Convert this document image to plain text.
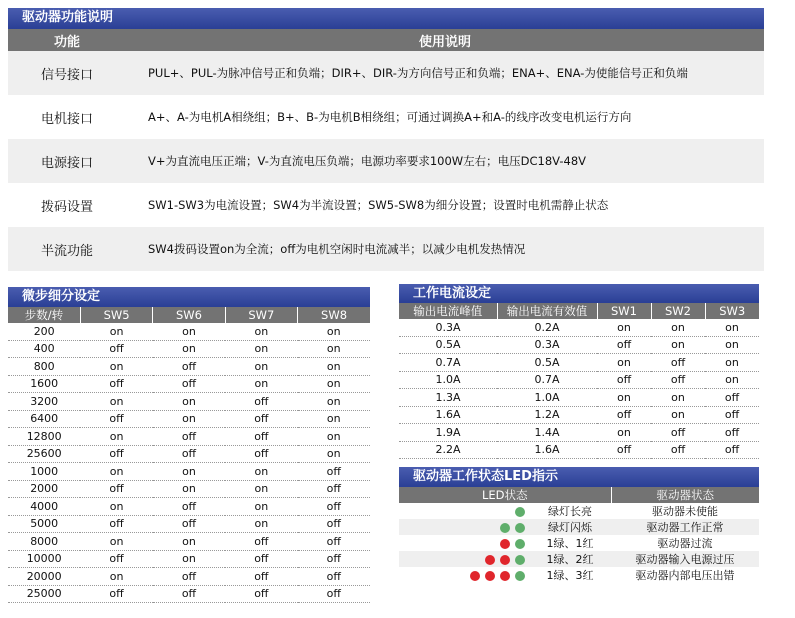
驱动器功能说明
功能	使用说明
信号接口	PUL+、PUL-为脉冲信号正和负端；DIR+、DIR-为方向信号正和负端；ENA+、ENA-为使能信号正和负端
电机接口	A+、A-为电机A相绕组；B+、B-为电机B相绕组；可通过调换A+和A-的线序改变电机运行方向
电源接口	V+为直流电压正端；V-为直流电压负端；电源功率要求100W左右；电压DC18V-48V
拨码设置	SW1-SW3为电流设置；SW4为半流设置；SW5-SW8为细分设置；设置时电机需静止状态
半流功能	SW4拨码设置on为全流；off为电机空闲时电流减半；以减少电机发热情况
微步细分设定
步数/转	SW5	SW6	SW7	SW8
200	on	on	on	on
400	off	on	on	on
800	on	off	on	on
1600	off	off	on	on
3200	on	on	off	on
6400	off	on	off	on
12800	on	off	off	on
25600	off	off	off	on
1000	on	on	on	off
2000	off	on	on	off
4000	on	off	on	off
5000	off	off	on	off
8000	on	on	off	off
10000	off	on	off	off
20000	on	off	off	off
25000	off	off	off	off
工作电流设定
输出电流峰值	输出电流有效值	SW1	SW2	SW3
0.3A	0.2A	on	on	on
0.5A	0.3A	off	on	on
0.7A	0.5A	on	off	on
1.0A	0.7A	off	off	on
1.3A	1.0A	on	on	off
1.6A	1.2A	off	on	off
1.9A	1.4A	on	off	off
2.2A	1.6A	off	off	off
驱动器工作状态LED指示
LED状态		驱动器状态
	绿灯长亮	驱动器未使能
	绿灯闪烁	驱动器工作正常
	1绿、1红	驱动器过流
	1绿、2红	驱动器输入电源过压
	1绿、3红	驱动器内部电压出错
